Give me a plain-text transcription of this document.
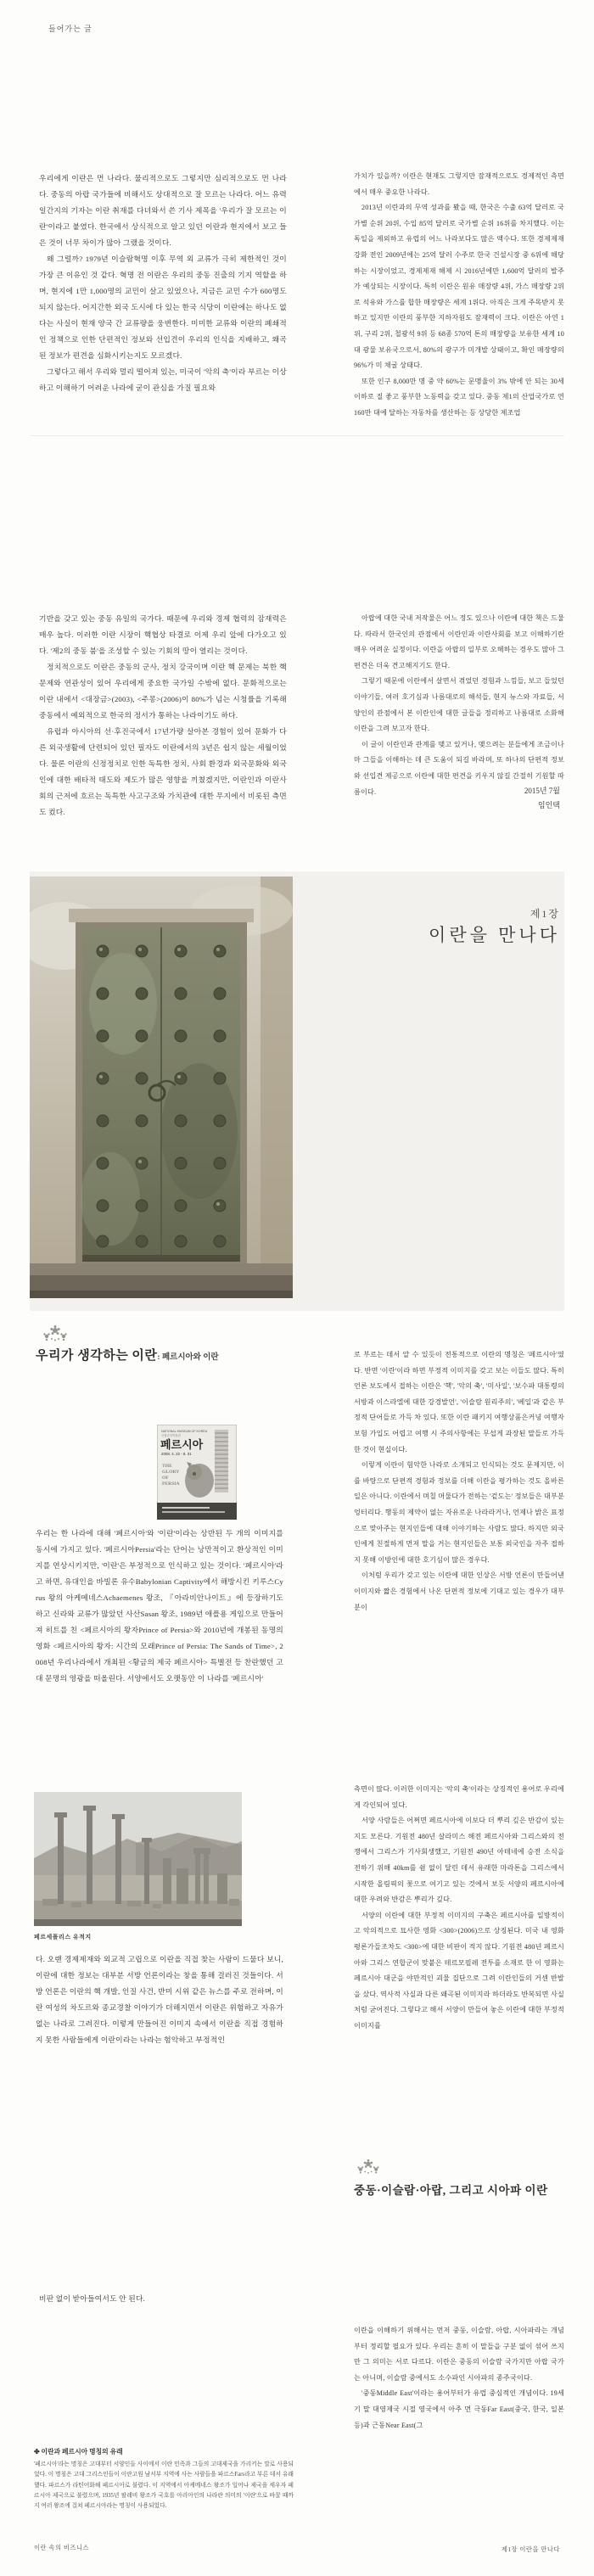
들어가는 글

우리에게 이란은 먼 나라다. 물리적으로도 그렇지만 심리적으로도 먼 나라다. 중동의 아랍 국가들에 비해서도 상대적으로 잘 모르는 나라다. 어느 유력 일간지의 기자는 이란 취재를 다녀와서 쓴 기사 제목을 '우리가 잘 모르는 이란'이라고 붙였다. 한국에서 상식적으로 알고 있던 이란과 현지에서 보고 들은 것이 너무 차이가 많아 그랬을 것이다.

왜 그럴까? 1979년 이슬람혁명 이후 무역 외 교류가 극히 제한적인 것이 가장 큰 이유인 것 같다. 혁명 전 이란은 우리의 중동 진출의 기지 역할을 하며, 현지에 1만 1,000명의 교민이 살고 있었으나, 지금은 교민 수가 600명도 되지 않는다. 어지간한 외국 도시에 다 있는 한국 식당이 이란에는 하나도 없다는 사실이 현재 양국 간 교류량을 웅변한다. 미미한 교류와 이란의 폐쇄적인 정책으로 인한 단편적인 정보와 선입견이 우리의 인식을 지배하고, 왜곡된 정보가 편견을 심화시키는지도 모르겠다.

그렇다고 해서 우리와 멀리 떨어져 있는, 미국이 '악의 축'이라 부르는 이상하고 이해하기 어려운 나라에 굳이 관심을 가질 필요와

가치가 있을까? 이란은 현재도 그렇지만 잠재적으로도 경제적인 측면에서 매우 중요한 나라다.

2013년 이란과의 무역 성과를 봤을 때, 한국은 수출 63억 달러로 국가별 순위 20위, 수입 85억 달러로 국가별 순위 16위를 차지했다. 이는 독일을 제외하고 유럽의 어느 나라보다도 많은 액수다. 또한 경제제재 강화 전인 2009년에는 25억 달러 수주로 한국 건설시장 중 6위에 해당하는 시장이었고, 경제제재 해제 시 2016년에만 1,600억 달러의 발주가 예상되는 시장이다. 특히 이란은 원유 매장량 4위, 가스 매장량 2위로 석유와 가스를 합한 매장량은 세계 1위다. 아직은 크게 주목받지 못하고 있지만 이란의 풍부한 지하자원도 잠재력이 크다. 이란은 아연 1위, 구리 2위, 철광석 9위 등 68종 570억 톤의 매장량을 보유한 세계 10대 광물 보유국으로서, 80%의 광구가 미개발 상태이고, 확인 매장량의 96%가 미 채굴 상태다.

또한 인구 8,000만 명 중 약 60%는 문맹율이 3% 밖에 안 되는 30세 이하로 질 좋고 풍부한 노동력을 갖고 있다. 중동 제1의 산업국가로 연 160만 대에 달하는 자동차를 생산하는 등 상당한 제조업

기반을 갖고 있는 중동 유일의 국가다. 때문에 우리와 경제 협력의 잠재력은 매우 높다. 이러한 이란 시장이 핵협상 타결로 이제 우리 앞에 다가오고 있다. '제2의 중동 붐'을 조성할 수 있는 기회의 땅이 열리는 것이다.

정치적으로도 이란은 중동의 군사, 정치 강국이며 이란 핵 문제는 북한 핵문제와 연관성이 있어 우리에게 중요한 국가일 수밖에 없다. 문화적으로는 이란 내에서 <대장금>(2003), <주몽>(2006)이 80%가 넘는 시청률을 기록해 중동에서 예외적으로 한국의 정서가 통하는 나라이기도 하다.

유럽과 아시아의 선·후진국에서 17년가량 살아본 경험이 있어 문화가 다른 외국생활에 단련되어 있던 필자도 이란에서의 3년은 쉽지 않는 세월이었다. 물론 이란의 신정정치로 인한 독특한 정치, 사회 환경과 외국문화와 외국인에 대한 배타적 태도와 제도가 많은 영향을 끼쳤겠지만, 이란인과 이란사회의 근저에 흐르는 독특한 사고구조와 가치관에 대한 무지에서 비롯된 측면도 컸다.

아랍에 대한 국내 저작물은 어느 정도 있으나 이란에 대한 책은 드물다. 따라서 한국인의 관점에서 이란인과 이란사회를 보고 이해하기란 매우 어려운 실정이다. 이란을 아랍의 일부로 오해하는 경우도 많아 그 편견은 더욱 견고해지기도 한다.

그렇기 때문에 이란에서 살면서 겪었던 경험과 느낌들, 보고 들었던 이야기들, 여러 호기심과 나름대로의 해석들, 현지 뉴스와 자료들, 서양인의 관점에서 본 이란인에 대한 글들을 정리하고 나름대로 소화해 이란을 그려 보고자 한다.

이 글이 이란인과 관계를 맺고 있거나, 맺으려는 분들에게 조금이나마 그들을 이해하는 데 큰 도움이 되길 바라며, 또 하나의 단편적 정보와 선입견 제공으로 이란에 대한 편견을 키우지 않길 간절히 기원할 따름이다.	2015년 7월
임인택
제1장
이란을 만나다
우리가 생각하는 이란: 페르시아와 이란
NATIONAL MUSEUM OF KOREA
국립중앙박물관
페르시아
2008. 4. 22 - 8. 31
THE
GLORY
OF
PERSIA

우리는 한 나라에 대해 '페르시아'와 '이란'이라는 상반된 두 개의 이미지를 동시에 가지고 있다. '페르시아Persia'라는 단어는 낭만적이고 환상적인 이미지를 연상시키지만, '이란'은 부정적으로 인식하고 있는 것이다. '페르시아'라고 하면, 유대인을 바빌론 유수Babylonian Captivity에서 해방시킨 키루스Cyrus 왕의 아케메네스Achaemenes 왕조, 『아라비안나이트』에 등장하기도 하고 신라와 교류가 많았던 사산Sasan 왕조, 1989년 애플용 게임으로 만들어져 히트를 친 <페르시아의 왕자Prince of Persia>와 2010년에 개봉된 동명의 영화 <페르시아의 왕자: 시간의 모래Prince of Persia: The Sands of Time>, 2008년 우리나라에서 개최된 <황금의 제국 페르시아> 특별전 등 찬란했던 고대 문명의 영광을 떠올린다. 서양에서도 오랫동안 이 나라를 '페르시아'

로 부르는 데서 알 수 있듯이 전통적으로 이란의 명칭은 '페르시아'였다. 반면 '이란'이라 하면 부정적 이미지를 갖고 보는 이들도 많다. 특히 언론 보도에서 접하는 이란은 '핵', '악의 축', '미사일', '보수파 대통령의 서방과 이스라엘에 대한 강경발언', '이슬람 원리주의', '베일'과 같은 부정적 단어들로 가득 차 있다. 또한 이란 패키지 여행상품은커녕 여행자보험 가입도 어렵고 여행 시 주의사항에는 무섭게 과장된 말들로 가득한 것이 현실이다.

이렇게 이란이 험악한 나라로 소개되고 인식되는 것도 문제지만, 이를 바탕으로 단편적 경험과 정보를 더해 이란을 평가하는 것도 올바른 일은 아니다. 이란에서 며칠 머물다가 전하는 '겉도는' 정보들은 대부분 엉터리다. 행동의 제약이 없는 자유로운 나라라거나, 언제나 밝은 표정으로 맞아주는 현지인들에 대해 이야기하는 사람도 많다. 하지만 외국인에게 친절하게 먼저 말을 거는 현지인들은 보통 외국인을 자주 접하지 못해 이방인에 대한 호기심이 많은 경우다.

이처럼 우리가 갖고 있는 이란에 대한 인상은 서방 언론이 만들어낸 이미지와 짧은 경험에서 나온 단편적 정보에 기대고 있는 경우가 대부분이

페르세폴리스 유적지

다. 오랜 경제제재와 외교적 고립으로 이란을 직접 찾는 사람이 드물다 보니, 이란에 대한 정보는 대부분 서방 언론이라는 창을 통해 걸러진 것들이다. 서방 언론은 이란의 핵 개발, 인질 사건, 반미 시위 같은 뉴스를 주로 전하며, 이란 여성의 차도르와 종교경찰 이야기가 더해지면서 이란은 위험하고 자유가 없는 나라로 그려진다. 이렇게 만들어진 이미지 속에서 이란을 직접 경험하지 못한 사람들에게 이란이라는 나라는 험악하고 부정적인

측면이 많다. 이러한 이미지는 '악의 축'이라는 상징적인 용어로 우리에게 각인되어 있다.

서양 사람들은 어쩌면 페르시아에 이보다 더 뿌리 깊은 반감이 있는지도 모른다. 기원전 480년 살라미스 해전 페르시아와 그리스와의 전쟁에서 그리스가 기사회생했고, 기원전 490년 아테네에 승전 소식을 전하기 위해 40km를 쉼 없이 달린 데서 유래한 마라톤을 그리스에서 시작한 올림픽의 꽃으로 여기고 있는 것에서 보듯 서양의 페르시아에 대한 우려와 반감은 뿌리가 깊다.

서양의 이란에 대한 부정적 이미지의 구축은 페르시아를 일방적이고 악의적으로 묘사한 영화 <300>(2006)으로 상징된다. 미국 내 영화평론가들조차도 <300>에 대한 비판이 적지 않다. 기원전 480년 페르시아와 그리스 연합군이 맞붙은 테르모필레 전투를 소재로 한 이 영화는 페르시아 대군을 야만적인 괴물 집단으로 그려 이란인들의 거센 반발을 샀다. 역사적 사실과 다른 왜곡된 이미지라 하더라도 반복되면 사실처럼 굳어진다. 그렇다고 해서 서양이 만들어 놓은 이란에 대한 부정적 이미지를

중동·이슬람·아랍, 그리고 시아파 이란

비판 없이 받아들여서도 안 된다.

✤ 이란과 페르시아 명칭의 유래
'페르시아'라는 명칭은 고대부터 서양인들 사이에서 이란 민족과 그들의 고대제국을 가리키는 말로 사용되었다. 이 명칭은 고대 그리스인들이 이란고원 남서부 지역에 사는 사람들을 파르스Fars라고 부른 데서 유래했다. 파르스가 라틴어화해 페르시아로 불렸다. 이 지역에서 아케메네스 왕조가 일어나 제국을 세우자 페르시아 제국으로 불렸으며, 1935년 팔레비 왕조가 국호를 아리아인의 나라란 의미의 '이란'으로 바꿀 때까지 여러 왕조에 걸쳐 페르시아라는 명칭이 사용되었다.

이란을 이해하기 위해서는 먼저 중동, 이슬람, 아랍, 시아파라는 개념부터 정리할 필요가 있다. 우리는 흔히 이 말들을 구분 없이 섞어 쓰지만 그 의미는 서로 다르다. 이란은 중동의 이슬람 국가지만 아랍 국가는 아니며, 이슬람 중에서도 소수파인 시아파의 종주국이다.

'중동Middle East'이라는 용어부터가 유럽 중심적인 개념이다. 19세기 말 대영제국 시절 영국에서 아주 먼 극동Far East(중국, 한국, 일본 등)과 근동Near East(그

이란 속의 비즈니스	제1장 이란을 만나다
